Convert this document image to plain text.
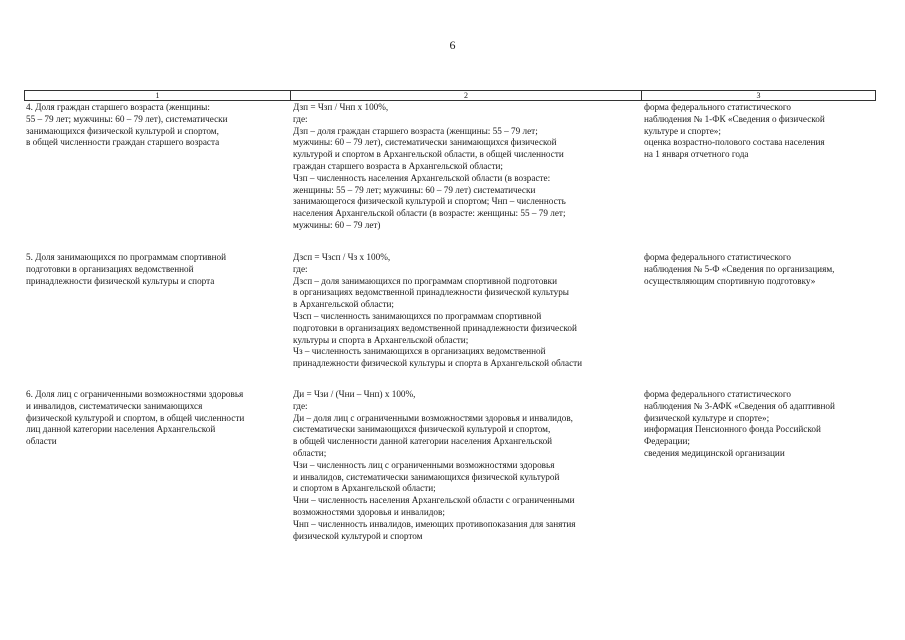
6
1	2	3
4. Доля граждан старшего возраста (женщины:
55 – 79 лет; мужчины: 60 – 79 лет), систематически
занимающихся физической культурой и спортом,
в общей численности граждан старшего возраста
Дзп = Чзп / Чнп х 100%,
где:
Дзп – доля граждан старшего возраста (женщины: 55 – 79 лет;
мужчины: 60 – 79 лет), систематически занимающихся физической
культурой и спортом в Архангельской области, в общей численности
граждан старшего возраста в Архангельской области;
Чзп – численность населения Архангельской области (в возрасте:
женщины: 55 – 79 лет; мужчины: 60 – 79 лет) систематически
занимающегося физической культурой и спортом; Чнп – численность
населения Архангельской области (в возрасте: женщины: 55 – 79 лет;
мужчины: 60 – 79 лет)
форма федерального статистического
наблюдения № 1-ФК «Сведения о физической
культуре и спорте»;
оценка возрастно-полового состава населения
на 1 января отчетного года
5. Доля занимающихся по программам спортивной
подготовки в организациях ведомственной
принадлежности физической культуры и спорта
Дзсп = Чзсп / Чз х 100%,
где:
Дзсп – доля занимающихся по программам спортивной подготовки
в организациях ведомственной принадлежности физической культуры
в Архангельской области;
Чзсп – численность занимающихся по программам спортивной
подготовки в организациях ведомственной принадлежности физической
культуры и спорта в Архангельской области;
Чз – численность занимающихся в организациях ведомственной
принадлежности физической культуры и спорта в Архангельской области
форма федерального статистического
наблюдения № 5-Ф «Сведения по организациям,
осуществляющим спортивную подготовку»
6. Доля лиц с ограниченными возможностями здоровья
и инвалидов, систематически занимающихся
физической культурой и спортом, в общей численности
лиц данной категории населения Архангельской
области
Ди = Чзи / (Чни – Чнп) х 100%,
где:
Ди – доля лиц с ограниченными возможностями здоровья и инвалидов,
систематически занимающихся физической культурой и спортом,
в общей численности данной категории населения Архангельской
области;
Чзи – численность лиц с ограниченными возможностями здоровья
и инвалидов, систематически занимающихся физической культурой
и спортом в Архангельской области;
Чни – численность населения Архангельской области с ограниченными
возможностями здоровья и инвалидов;
Чнп – численность инвалидов, имеющих противопоказания для занятия
физической культурой и спортом
форма федерального статистического
наблюдения № 3-АФК «Сведения об адаптивной
физической культуре и спорте»;
информация Пенсионного фонда Российской
Федерации;
сведения медицинской организации
